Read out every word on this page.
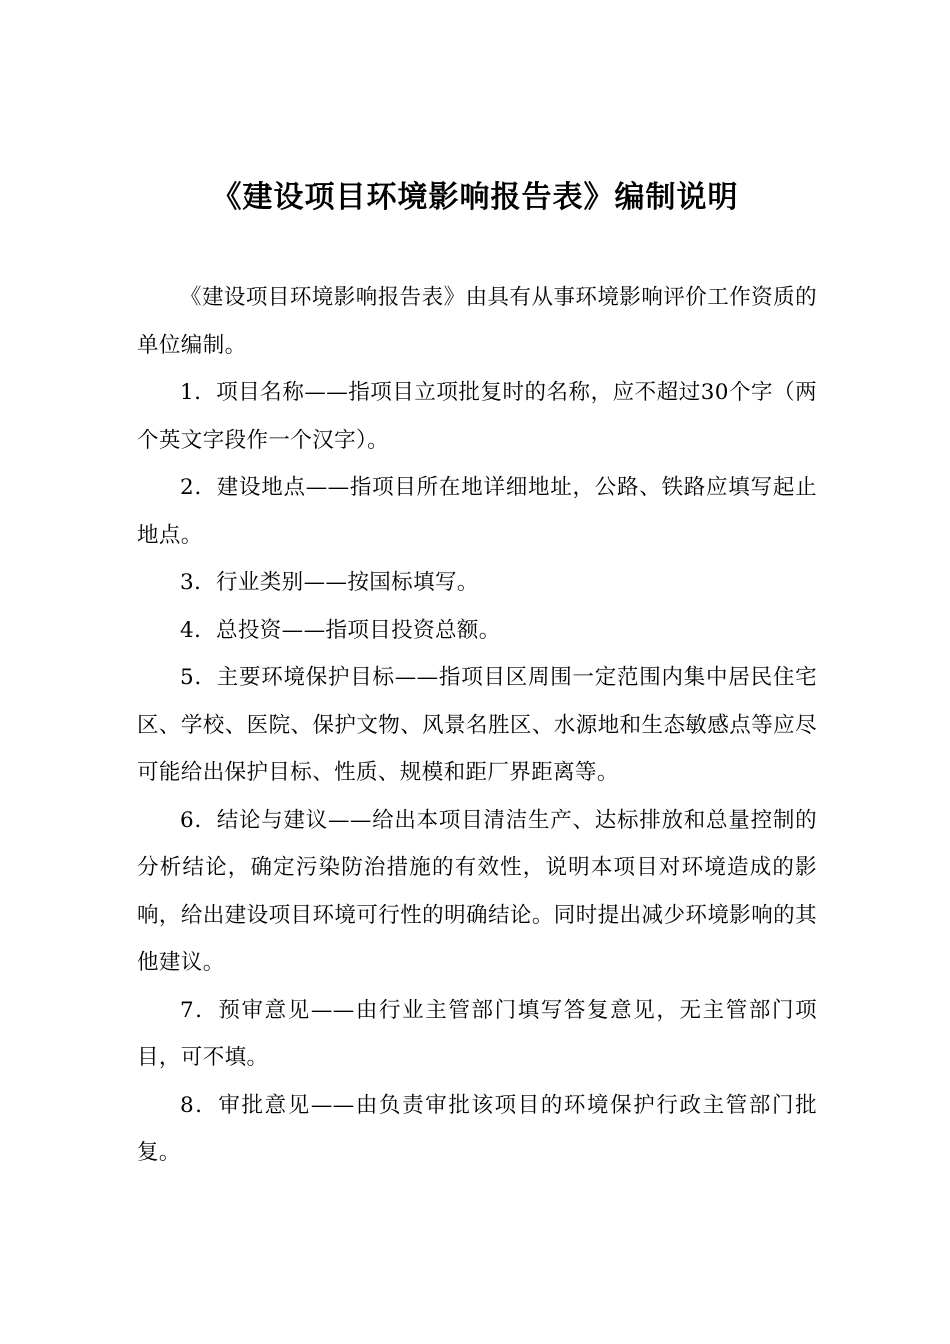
《建设项目环境影响报告表》编制说明

《建设项目环境影响报告表》由具有从事环境影响评价工作资质的单位编制。

1．项目名称——指项目立项批复时的名称，应不超过30个字（两个英文字段作一个汉字）。

2．建设地点——指项目所在地详细地址，公路、铁路应填写起止地点。

3．行业类别——按国标填写。

4．总投资——指项目投资总额。

5．主要环境保护目标——指项目区周围一定范围内集中居民住宅区、学校、医院、保护文物、风景名胜区、水源地和生态敏感点等应尽可能给出保护目标、性质、规模和距厂界距离等。

6．结论与建议——给出本项目清洁生产、达标排放和总量控制的分析结论，确定污染防治措施的有效性，说明本项目对环境造成的影响，给出建设项目环境可行性的明确结论。同时提出减少环境影响的其他建议。

7．预审意见——由行业主管部门填写答复意见，无主管部门项目，可不填。

8．审批意见——由负责审批该项目的环境保护行政主管部门批复。
